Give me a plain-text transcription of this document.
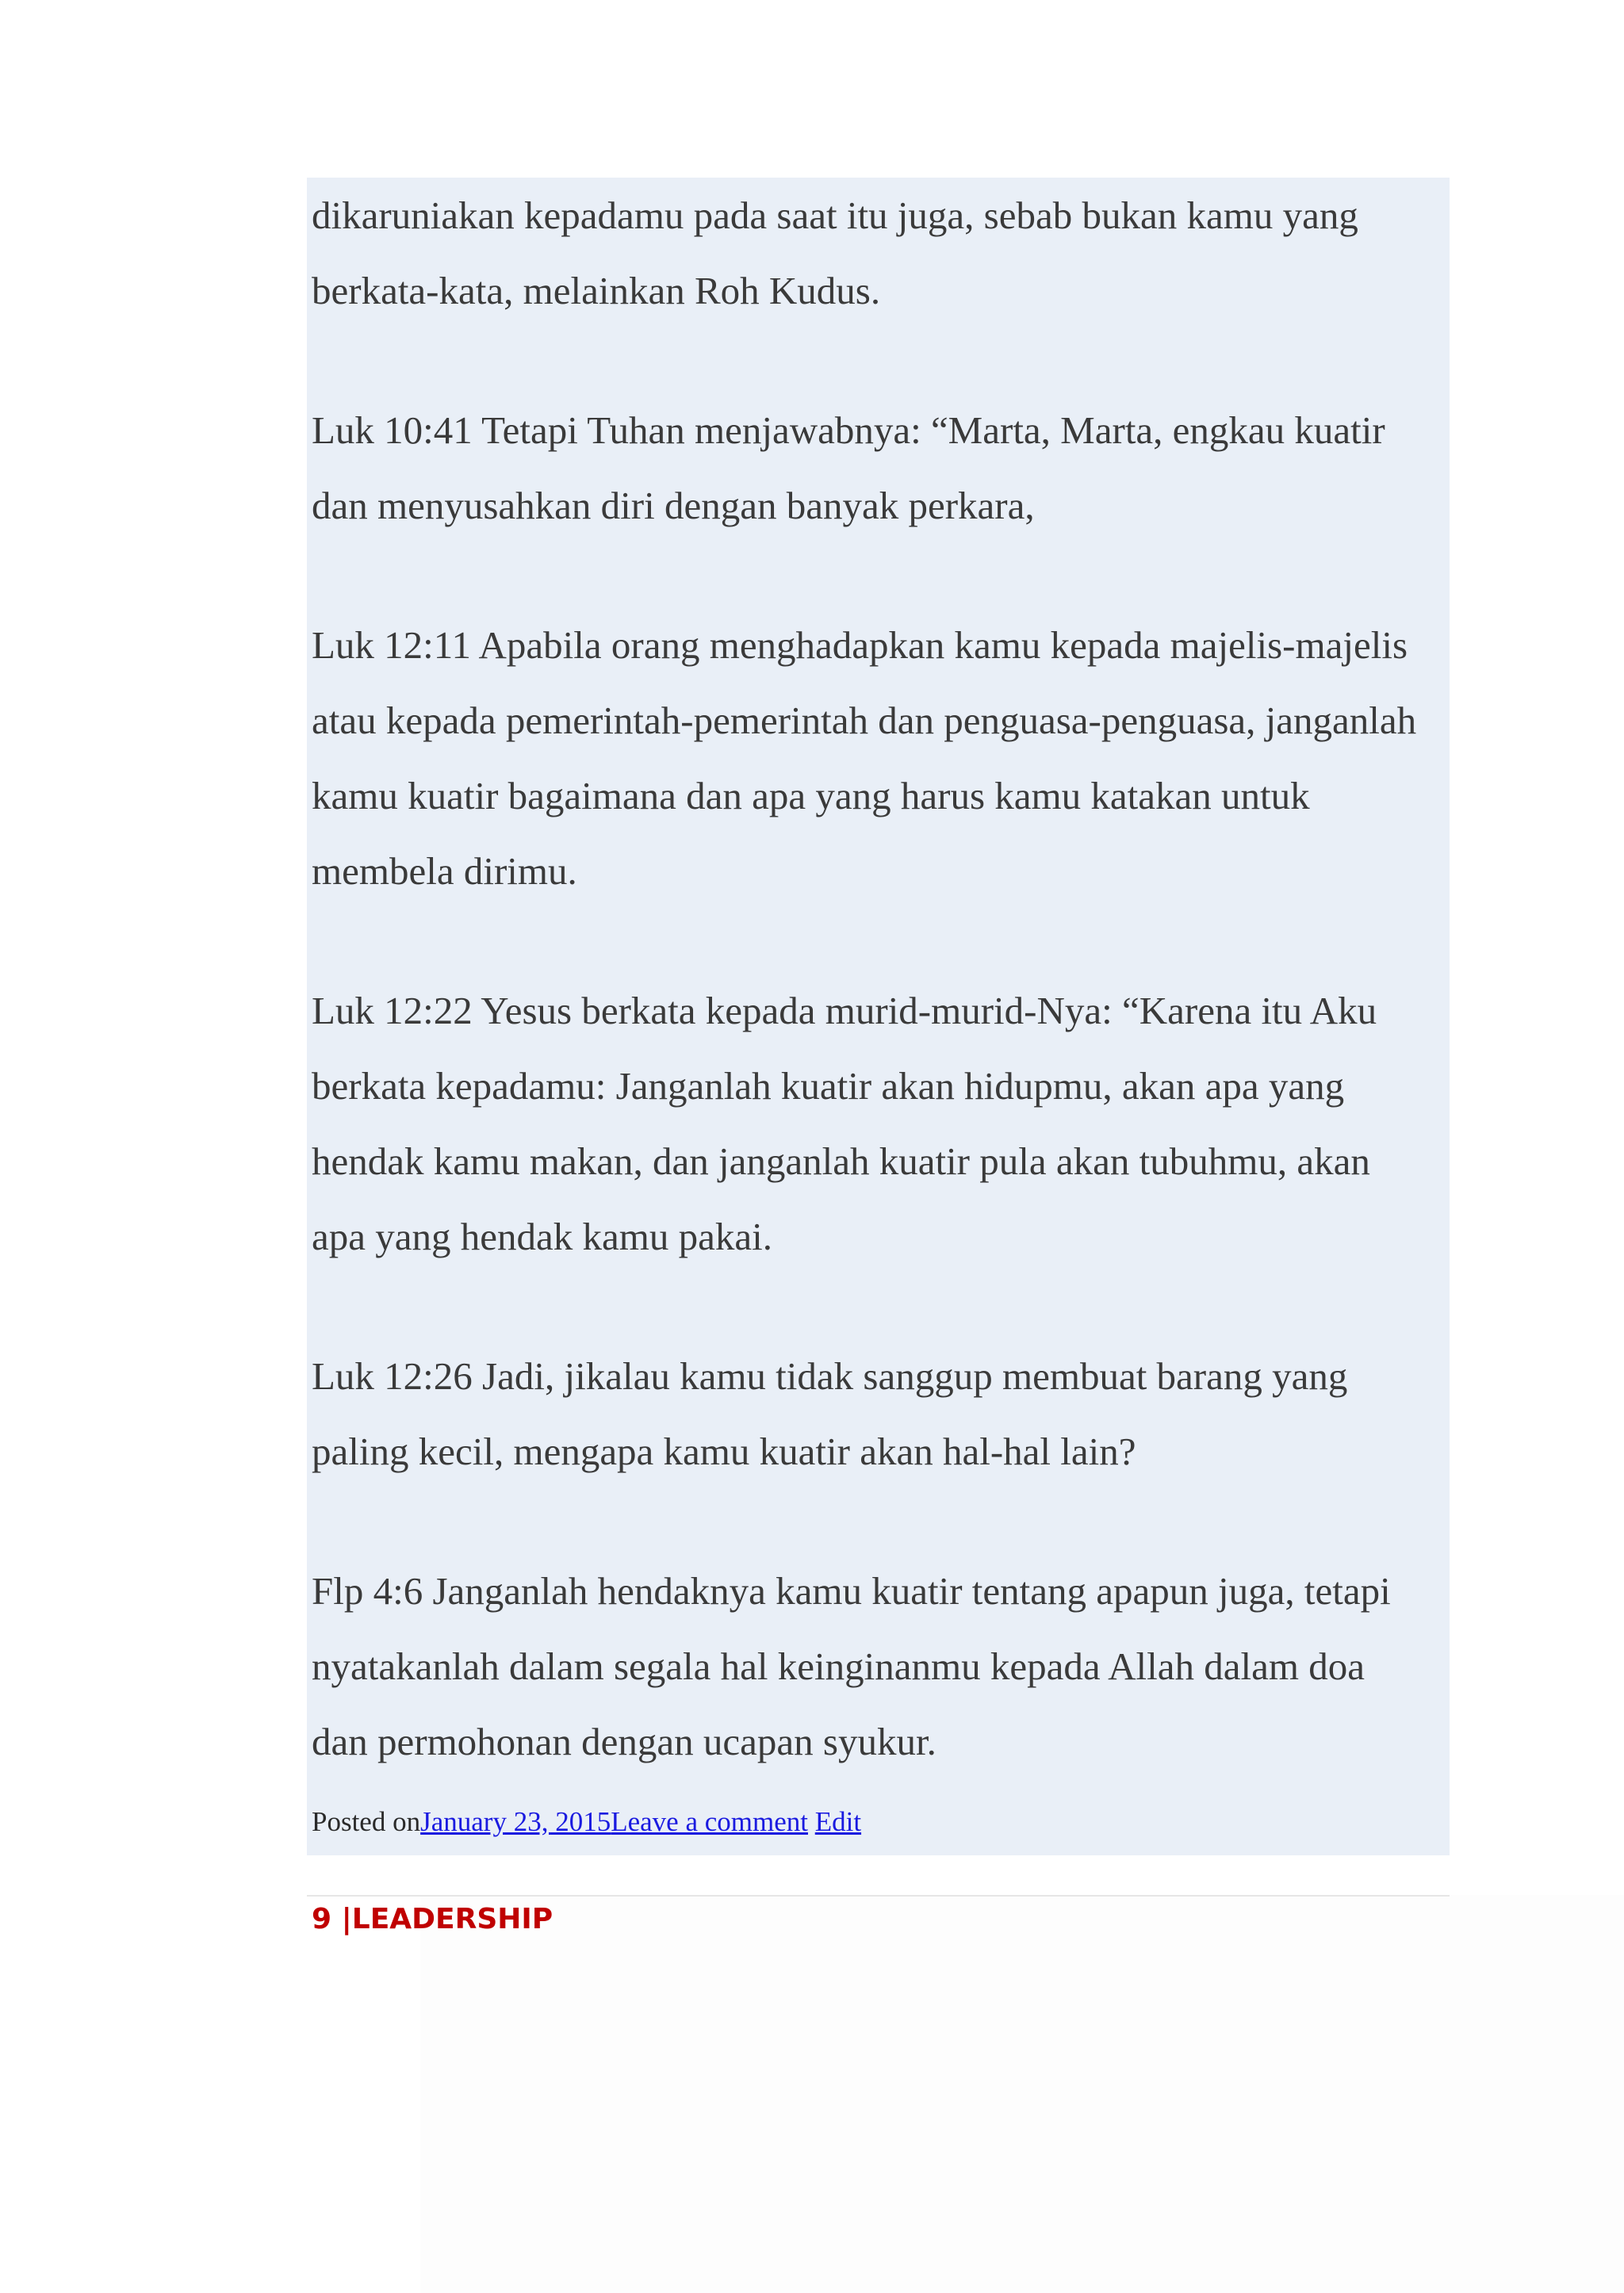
dikaruniakan kepadamu pada saat itu juga, sebab bukan kamu yang
berkata-kata, melainkan Roh Kudus.

Luk 10:41 Tetapi Tuhan menjawabnya: “Marta, Marta, engkau kuatir
dan menyusahkan diri dengan banyak perkara,

Luk 12:11 Apabila orang menghadapkan kamu kepada majelis-majelis
atau kepada pemerintah-pemerintah dan penguasa-penguasa, janganlah
kamu kuatir bagaimana dan apa yang harus kamu katakan untuk
membela dirimu.

Luk 12:22 Yesus berkata kepada murid-murid-Nya: “Karena itu Aku
berkata kepadamu: Janganlah kuatir akan hidupmu, akan apa yang
hendak kamu makan, dan janganlah kuatir pula akan tubuhmu, akan
apa yang hendak kamu pakai.

Luk 12:26 Jadi, jikalau kamu tidak sanggup membuat barang yang
paling kecil, mengapa kamu kuatir akan hal-hal lain?

Flp 4:6 Janganlah hendaknya kamu kuatir tentang apapun juga, tetapi
nyatakanlah dalam segala hal keinginanmu kepada Allah dalam doa
dan permohonan dengan ucapan syukur.

Posted onJanuary 23, 2015Leave a comment Edit
9 |LEADERSHIP
